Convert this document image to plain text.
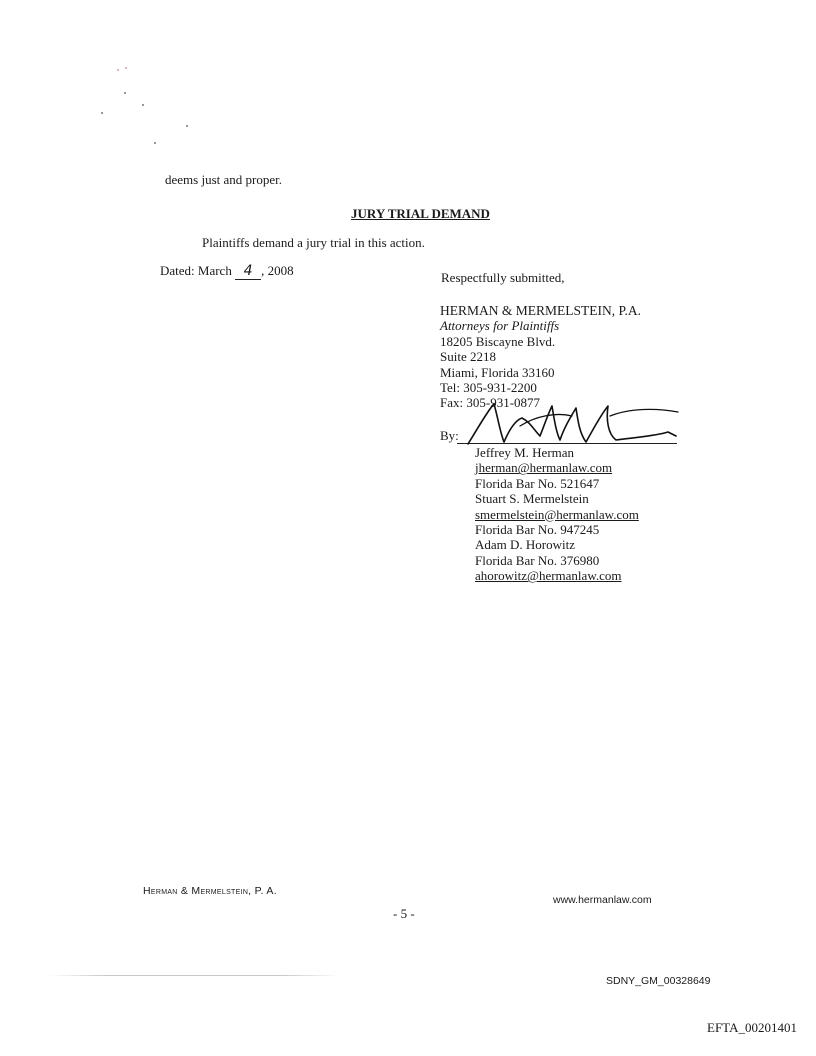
deems just and proper.
JURY TRIAL DEMAND
Plaintiffs demand a jury trial in this action.
Dated: March 4 , 2008	Respectfully submitted,
HERMAN & MERMELSTEIN, P.A.
Attorneys for Plaintiffs
18205 Biscayne Blvd.
Suite 2218
Miami, Florida 33160
Tel: 305-931-2200
Fax: 305-931-0877
By:
Jeffrey M. Herman
jherman@hermanlaw.com
Florida Bar No. 521647
Stuart S. Mermelstein
smermelstein@hermanlaw.com
Florida Bar No. 947245
Adam D. Horowitz
Florida Bar No. 376980
ahorowitz@hermanlaw.com
Herman & Mermelstein, P. A.
www.hermanlaw.com
- 5 -
SDNY_GM_00328649
EFTA_00201401
